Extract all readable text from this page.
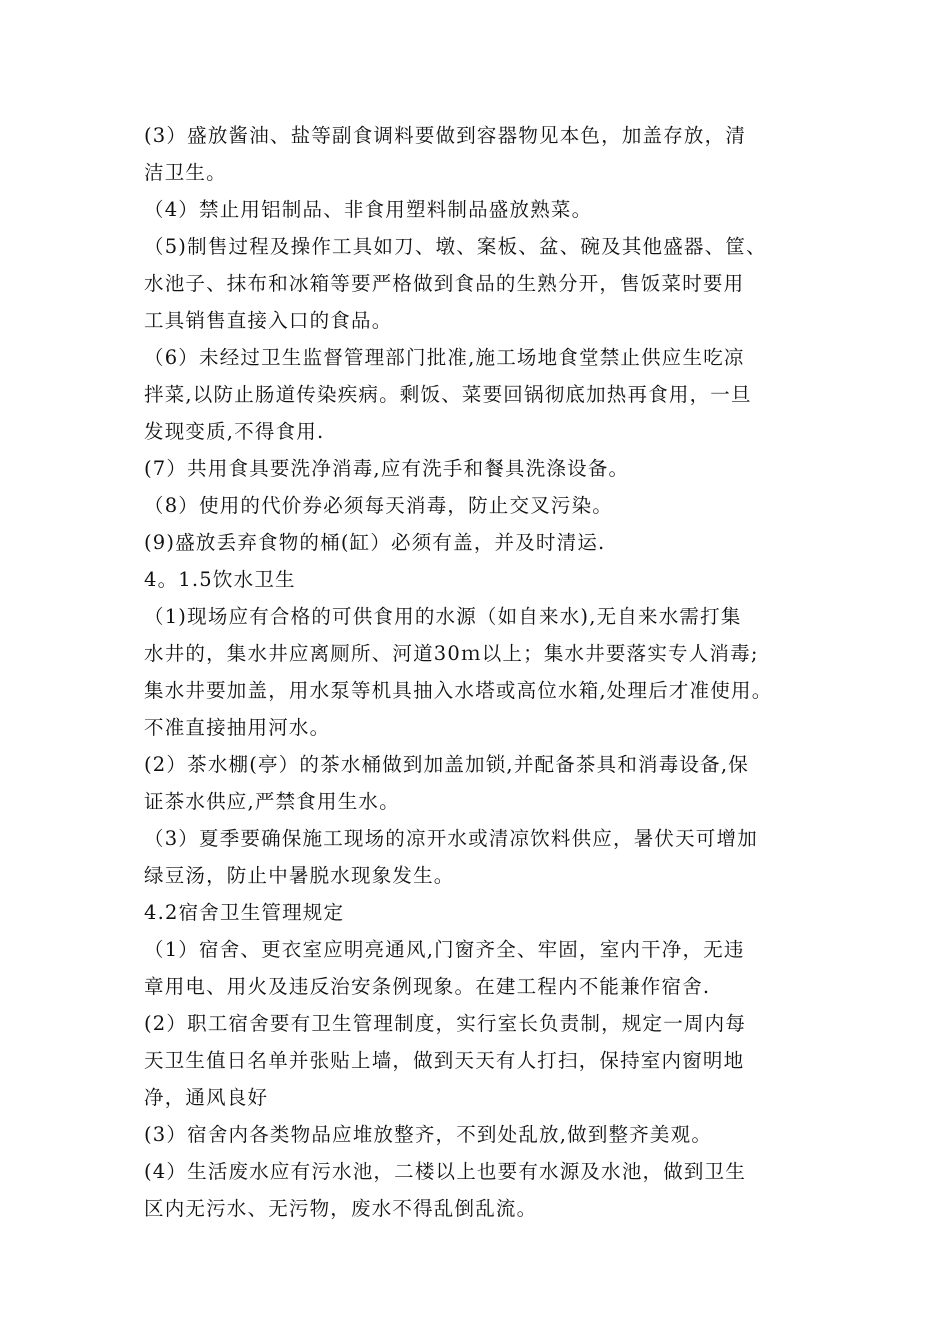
(3）盛放酱油、盐等副食调料要做到容器物见本色，加盖存放，清
洁卫生。
（4）禁止用铝制品、非食用塑料制品盛放熟菜。
（5)制售过程及操作工具如刀、墩、案板、盆、碗及其他盛器、筐、
水池子、抹布和冰箱等要严格做到食品的生熟分开，售饭菜时要用
工具销售直接入口的食品。
（6）未经过卫生监督管理部门批准,施工场地食堂禁止供应生吃凉
拌菜,以防止肠道传染疾病。剩饭、菜要回锅彻底加热再食用，一旦
发现变质,不得食用.
(7）共用食具要洗净消毒,应有洗手和餐具洗涤设备。
（8）使用的代价券必须每天消毒，防止交叉污染。
(9)盛放丢弃食物的桶(缸）必须有盖，并及时清运.
4。1.5饮水卫生
（1)现场应有合格的可供食用的水源（如自来水),无自来水需打集
水井的，集水井应离厕所、河道30ｍ以上；集水井要落实专人消毒;
集水井要加盖，用水泵等机具抽入水塔或高位水箱,处理后才准使用。
不准直接抽用河水。
(2）茶水棚(亭）的茶水桶做到加盖加锁,并配备茶具和消毒设备,保
证茶水供应,严禁食用生水。
（3）夏季要确保施工现场的凉开水或清凉饮料供应，暑伏天可增加
绿豆汤，防止中暑脱水现象发生。
4.2宿舍卫生管理规定
（1）宿舍、更衣室应明亮通风,门窗齐全、牢固，室内干净，无违
章用电、用火及违反治安条例现象。在建工程内不能兼作宿舍.
(2）职工宿舍要有卫生管理制度，实行室长负责制，规定一周内每
天卫生值日名单并张贴上墙，做到天天有人打扫，保持室内窗明地
净，通风良好
(3）宿舍内各类物品应堆放整齐，不到处乱放,做到整齐美观。
(4）生活废水应有污水池，二楼以上也要有水源及水池，做到卫生
区内无污水、无污物，废水不得乱倒乱流。
